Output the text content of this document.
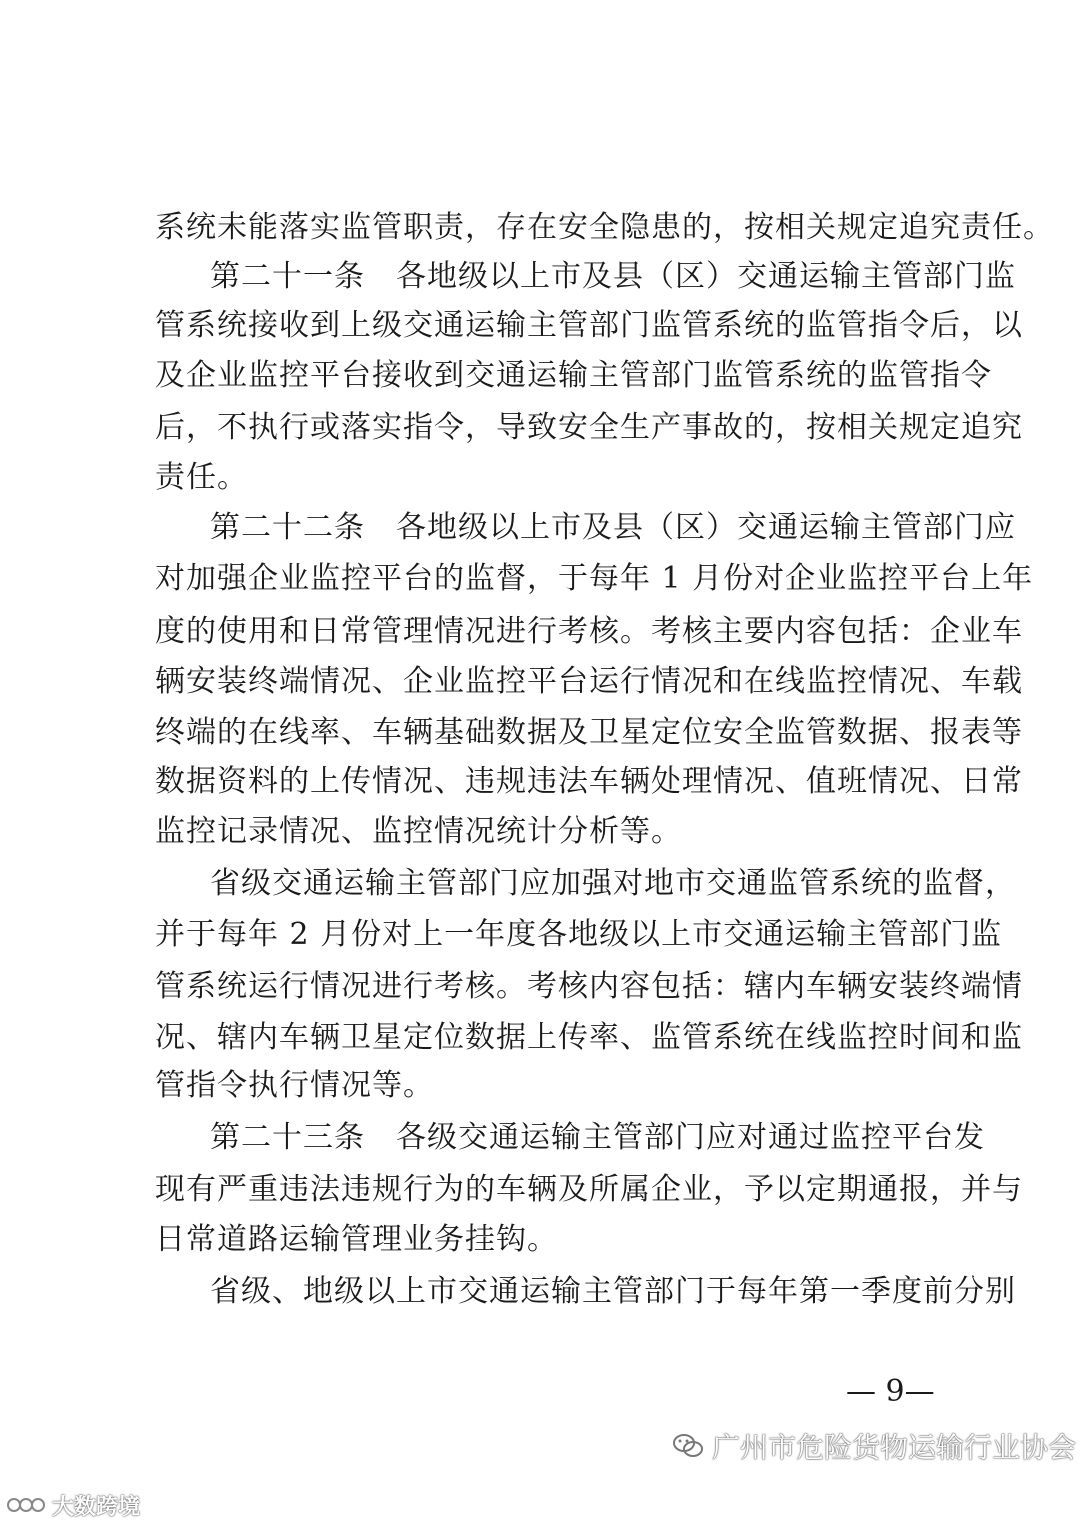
系统未能落实监管职责，存在安全隐患的，按相关规定追究责任。
第二十一条　各地级以上市及县（区）交通运输主管部门监
管系统接收到上级交通运输主管部门监管系统的监管指令后，以
及企业监控平台接收到交通运输主管部门监管系统的监管指令
后，不执行或落实指令，导致安全生产事故的，按相关规定追究
责任。
第二十二条　各地级以上市及县（区）交通运输主管部门应
对加强企业监控平台的监督，于每年 1 月份对企业监控平台上年
度的使用和日常管理情况进行考核。考核主要内容包括：企业车
辆安装终端情况、企业监控平台运行情况和在线监控情况、车载
终端的在线率、车辆基础数据及卫星定位安全监管数据、报表等
数据资料的上传情况、违规违法车辆处理情况、值班情况、日常
监控记录情况、监控情况统计分析等。
省级交通运输主管部门应加强对地市交通监管系统的监督，
并于每年 2 月份对上一年度各地级以上市交通运输主管部门监
管系统运行情况进行考核。考核内容包括：辖内车辆安装终端情
况、辖内车辆卫星定位数据上传率、监管系统在线监控时间和监
管指令执行情况等。
第二十三条　各级交通运输主管部门应对通过监控平台发
现有严重违法违规行为的车辆及所属企业，予以定期通报，并与
日常道路运输管理业务挂钩。
省级、地级以上市交通运输主管部门于每年第一季度前分别
— 9—
广州市危险货物运输行业协会
大数跨境
